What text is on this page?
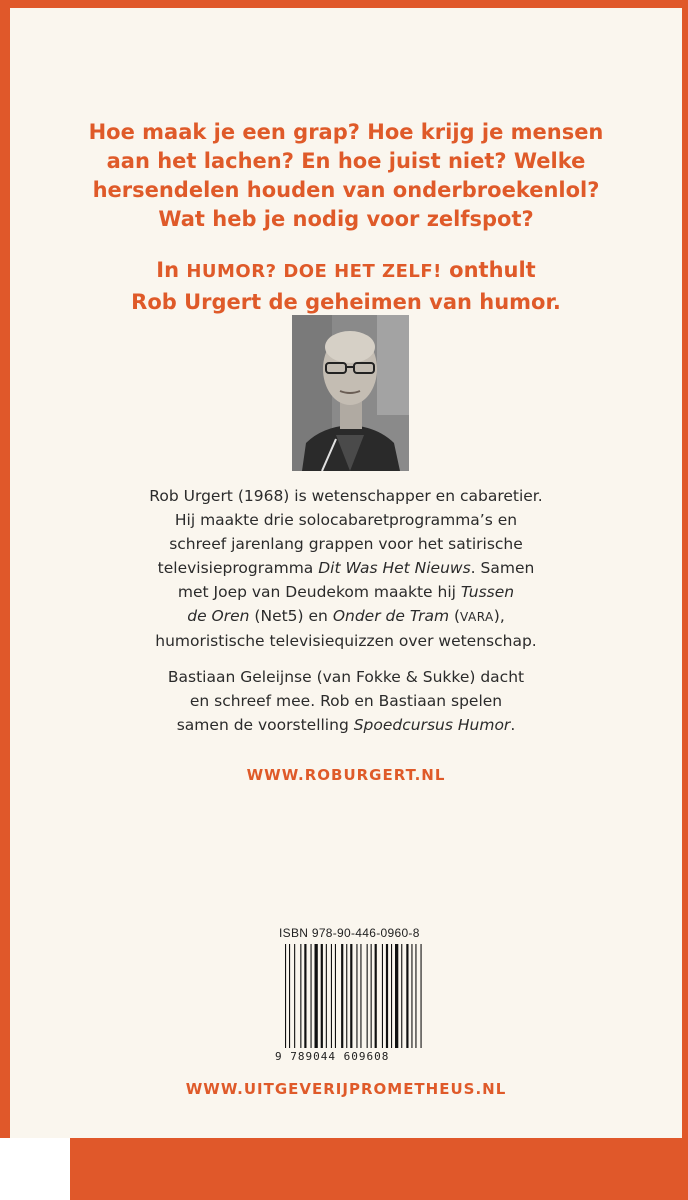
Hoe maak je een grap? Hoe krijg je mensen
aan het lachen? En hoe juist niet? Welke
hersendelen houden van onderbroekenlol?
Wat heb je nodig voor zelfspot?

In HUMOR? DOE HET ZELF! onthult
Rob Urgert de geheimen van humor.

Rob Urgert (1968) is wetenschapper en cabaretier.
Hij maakte drie solocabaretprogramma’s en
schreef jarenlang grappen voor het satirische
televisieprogramma Dit Was Het Nieuws. Samen
met Joep van Deudekom maakte hij Tussen
de Oren (Net5) en Onder de Tram (VARA),
humoristische televisiequizzen over wetenschap.

Bastiaan Geleijnse (van Fokke & Sukke) dacht
en schreef mee. Rob en Bastiaan spelen
samen de voorstelling Spoedcursus Humor.

WWW.ROBURGERT.NL

ISBN 978-90-446-0960-8
9 789044 609608

WWW.UITGEVERIJPROMETHEUS.NL
